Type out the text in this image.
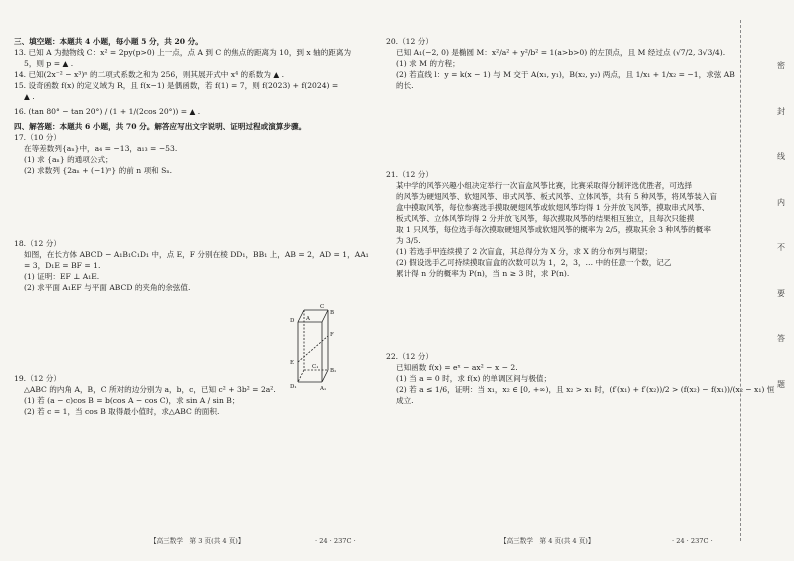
三、填空题：本题共 4 小题，每小题 5 分，共 20 分。

13. 已知 A 为抛物线 C：x² = 2py(p>0) 上一点，点 A 到 C 的焦点的距离为 10，到 x 轴的距离为

5，则 p = ▲ .

14. 已知(2x⁻² − x³)ⁿ 的二项式系数之和为 256，则其展开式中 x⁴ 的系数为 ▲ .

15. 设奇函数 f(x) 的定义域为 R，且 f(x−1) 是偶函数，若 f(1) = 7，则 f(2023) + f(2024) =

▲ .

16. (tan 80° − tan 20°) / (1 + 1/(2cos 20°)) = ▲ .

四、解答题：本题共 6 小题，共 70 分。解答应写出文字说明、证明过程或演算步骤。

17.（10 分）

在等差数列{aₙ}中，a₄ = −13，a₁₃ = −53.

(1) 求 {aₙ} 的通项公式；

(2) 求数列 {2aₙ + (−1)ⁿ} 的前 n 项和 Sₙ.

18.（12 分）

如图，在长方体 ABCD − A₁B₁C₁D₁ 中，点 E，F 分别在棱 DD₁，BB₁ 上，AB = 2，AD = 1，AA₁

= 3，D₁E = BF = 1.

(1) 证明：EF ⊥ A₁E.

(2) 求平面 A₁EF 与平面 ABCD 的夹角的余弦值.

19.（12 分）

△ABC 的内角 A，B，C 所对的边分别为 a，b，c，已知 c² + 3b² = 2a².

(1) 若 (a − c)cos B = b(cos A − cos C)，求 sin A / sin B；

(2) 若 c = 1，当 cos B 取得最小值时，求△ABC 的面积.

C
D
F
E
C₁
B₁
A₁
D₁
B
A

20.（12 分）

已知 A₁(−2, 0) 是椭圆 M：x²/a² + y²/b² = 1(a>b>0) 的左顶点，且 M 经过点 (√7/2, 3√3/4).

(1) 求 M 的方程；

(2) 若直线 l：y = k(x − 1) 与 M 交于 A(x₁, y₁)，B(x₂, y₂) 两点，且 1/x₁ + 1/x₂ = −1，求弦 AB

的长.

21.（12 分）

某中学的风筝兴趣小组决定举行一次盲盒风筝比赛，比赛采取得分制评选优胜者，可选择

的风筝为硬翅风筝、软翅风筝、串式风筝、板式风筝、立体风筝，共有 5 种风筝，将风筝装入盲

盒中摸取风筝，每位参赛选手摸取硬翅风筝或软翅风筝均得 1 分并放飞风筝，摸取串式风筝、

板式风筝、立体风筝均得 2 分并放飞风筝，每次摸取风筝的结果相互独立，且每次只能摸

取 1 只风筝，每位选手每次摸取硬翅风筝或软翅风筝的概率为 2/5，摸取其余 3 种风筝的概率

为 3/5.

(1) 若选手甲连续摸了 2 次盲盒，其总得分为 X 分，求 X 的分布列与期望；

(2) 假设选手乙可持续摸取盲盒的次数可以为 1，2，3，… 中的任意一个数，记乙

累计得 n 分的概率为 P(n)，当 n ≥ 3 时，求 P(n).

22.（12 分）

已知函数 f(x) = eˣ − ax² − x − 2.

(1) 当 a = 0 时，求 f(x) 的单调区间与极值；

(2) 若 a ≤ 1/6，证明：当 x₁，x₂ ∈ [0, +∞)，且 x₂ > x₁ 时，(f′(x₁) + f′(x₂))/2 > (f(x₂) − f(x₁))/(x₂ − x₁) 恒

成立.

密
封
线
内
不
要
答
题
【高三数学　第 3 页(共 4 页)】	· 24 · 237C ·	【高三数学　第 4 页(共 4 页)】	· 24 · 237C ·
